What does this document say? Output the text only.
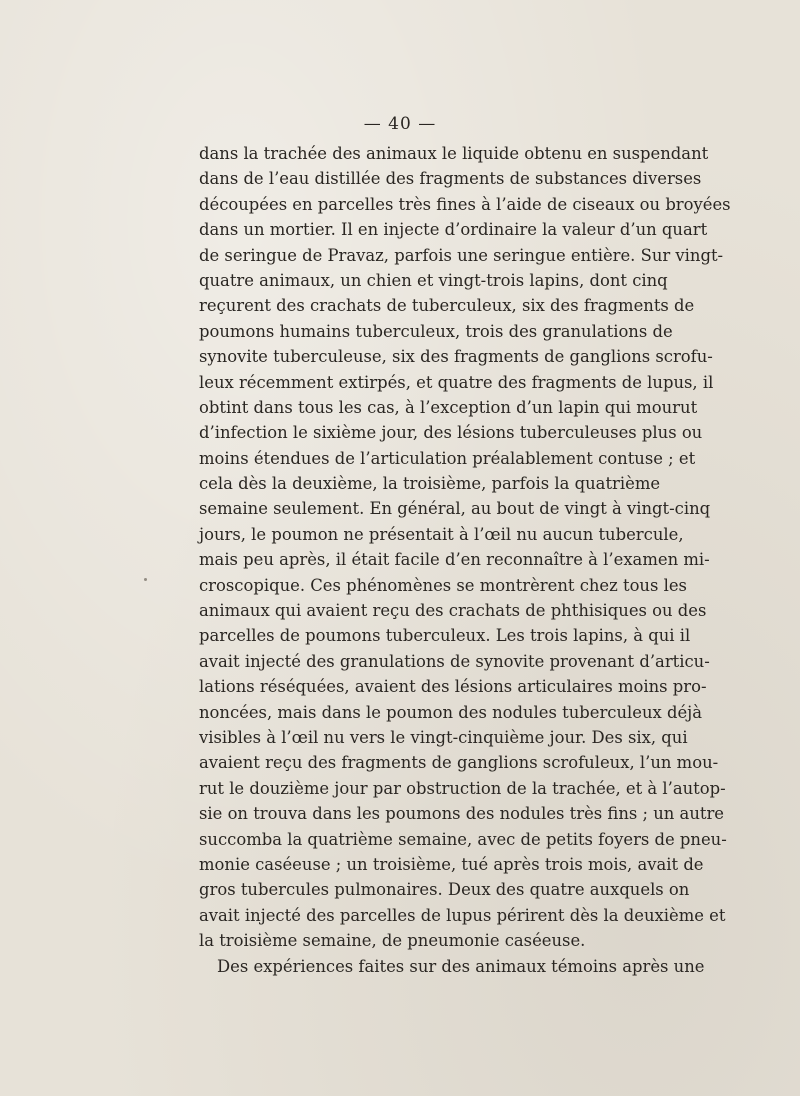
— 40 —
dans la trachée des animaux le liquide obtenu en suspendant
dans de l’eau distillée des fragments de substances diverses
découpées en parcelles très fines à l’aide de ciseaux ou broyées
dans un mortier. Il en injecte d’ordinaire la valeur d’un quart
de seringue de Pravaz, parfois une seringue entière. Sur vingt-
quatre animaux, un chien et vingt-trois lapins, dont cinq
reçurent des crachats de tuberculeux, six des fragments de
poumons humains tuberculeux, trois des granulations de
synovite tuberculeuse, six des fragments de ganglions scrofu-
leux récemment extirpés, et quatre des fragments de lupus, il
obtint dans tous les cas, à l’exception d’un lapin qui mourut
d’infection le sixième jour, des lésions tuberculeuses plus ou
moins étendues de l’articulation préalablement contuse ; et
cela dès la deuxième, la troisième, parfois la quatrième
semaine seulement. En général, au bout de vingt à vingt-cinq
jours, le poumon ne présentait à l’œil nu aucun tubercule,
mais peu après, il était facile d’en reconnaître à l’examen mi-
croscopique. Ces phénomènes se montrèrent chez tous les
animaux qui avaient reçu des crachats de phthisiques ou des
parcelles de poumons tuberculeux. Les trois lapins, à qui il
avait injecté des granulations de synovite provenant d’articu-
lations réséquées, avaient des lésions articulaires moins pro-
noncées, mais dans le poumon des nodules tuberculeux déjà
visibles à l’œil nu vers le vingt-cinquième jour. Des six, qui
avaient reçu des fragments de ganglions scrofuleux, l’un mou-
rut le douzième jour par obstruction de la trachée, et à l’autop-
sie on trouva dans les poumons des nodules très fins ; un autre
succomba la quatrième semaine, avec de petits foyers de pneu-
monie caséeuse ; un troisième, tué après trois mois, avait de
gros tubercules pulmonaires. Deux des quatre auxquels on
avait injecté des parcelles de lupus périrent dès la deuxième et
la troisième semaine, de pneumonie caséeuse.
Des expériences faites sur des animaux témoins après une
